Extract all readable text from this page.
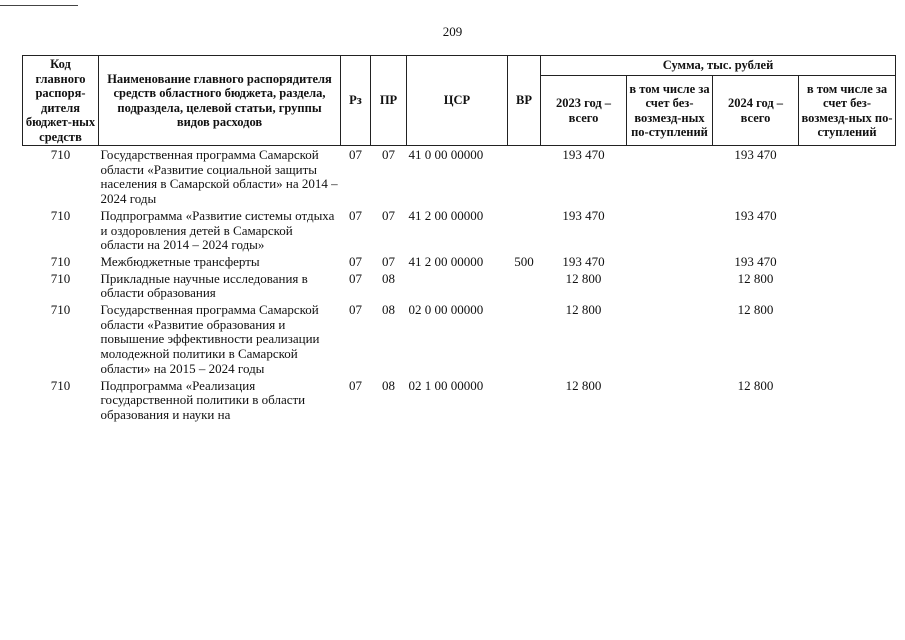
209
Код главного распоря-дителя бюджет-ных средств	Наименование главного распорядителя средств областного бюджета, раздела, подраздела, целевой статьи, группы видов расходов	Рз	ПР	ЦСР	ВР	Сумма, тыс. рублей			
						2023 год – всего	в том числе за счет без-возмезд-ных по-ступлений	2024 год – всего	в том числе за счет без-возмезд-ных по-ступлений
710	Государственная программа Самарской области «Развитие социальной защиты населения в Самарской области» на 2014 – 2024 годы	07	07	41 0 00 00000		193 470		193 470	
710	Подпрограмма «Развитие системы отдыха и оздоровления детей в Самарской области на 2014 – 2024 годы»	07	07	41 2 00 00000		193 470		193 470	
710	Межбюджетные трансферты	07	07	41 2 00 00000	500	193 470		193 470	
710	Прикладные научные исследования в области образования	07	08			12 800		12 800	
710	Государственная программа Самарской области «Развитие образования и повышение эффективности реализации молодежной политики в Самарской области» на 2015 – 2024 годы	07	08	02 0 00 00000		12 800		12 800	
710	Подпрограмма «Реализация государственной политики в области образования и науки на	07	08	02 1 00 00000		12 800		12 800	
